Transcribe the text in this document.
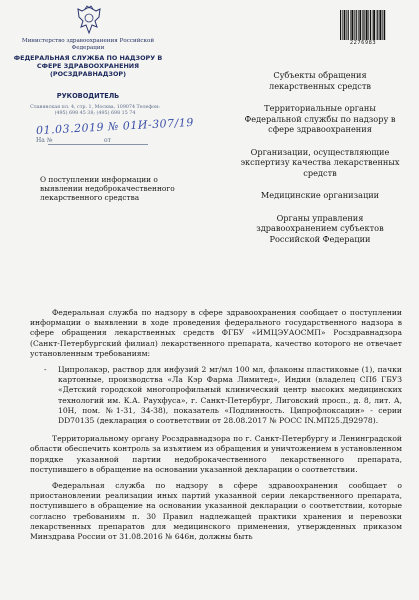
Министерство здравоохранения Российской Федерации
ФЕДЕРАЛЬНАЯ СЛУЖБА ПО НАДЗОРУ В СФЕРЕ ЗДРАВООХРАНЕНИЯ (РОСЗДРАВНАДЗОР)
РУКОВОДИТЕЛЬ
Славянская пл. 4, стр. 1, Москва, 109074 Телефон: (495) 698 45 38; (495) 698 15 74
01.03.2019 № 01И-307/19
На №	от
О поступлении информации о выявлении недоброкачественного лекарственного средства
2276983

Субъекты обращения лекарственных средств

Территориальные органы Федеральной службы по надзору в сфере здравоохранения

Организации, осуществляющие экспертизу качества лекарственных средств

Медицинские организации

Органы управления здравоохранением субъектов Российской Федерации

Федеральная служба по надзору в сфере здравоохранения сообщает о поступлении информации о выявлении в ходе проведения федерального государственного надзора в сфере обращения лекарственных средств ФГБУ «ИМЦЭУАОСМП» Росздравнадзора (Санкт-Петербургский филиал) лекарственного препарата, качество которого не отвечает установленным требованиям:

- Ципролакэр, раствор для инфузий 2 мг/мл 100 мл, флаконы пластиковые (1), пачки картонные, производства «Ла Кэр Фарма Лимитед», Индия (владелец СПб ГБУЗ «Детский городской многопрофильный клинический центр высоких медицинских технологий им. К.А. Раухфуса», г. Санкт-Петербург, Лиговский просп., д. 8, лит. А, 10Н, пом. №1-31, 34-38), показатель «Подлинность. Ципрофлоксацин» - серии DD70135 (декларация о соответствии от 28.08.2017 № РОСС IN.МП25.Д92978).

Территориальному органу Росздравнадзора по г. Санкт-Петербургу и Ленинградской области обеспечить контроль за изъятием из обращения и уничтожением в установленном порядке указанной партии недоброкачественного лекарственного препарата, поступившего в обращение на основании указанной декларации о соответствии.

Федеральная служба по надзору в сфере здравоохранения сообщает о приостановлении реализации иных партий указанной серии лекарственного препарата, поступившего в обращение на основании указанной декларации о соответствии, которые согласно требованиям п. 30 Правил надлежащей практики хранения и перевозки лекарственных препаратов для медицинского применения, утвержденных приказом Минздрава России от 31.08.2016 № 646н, должны быть
